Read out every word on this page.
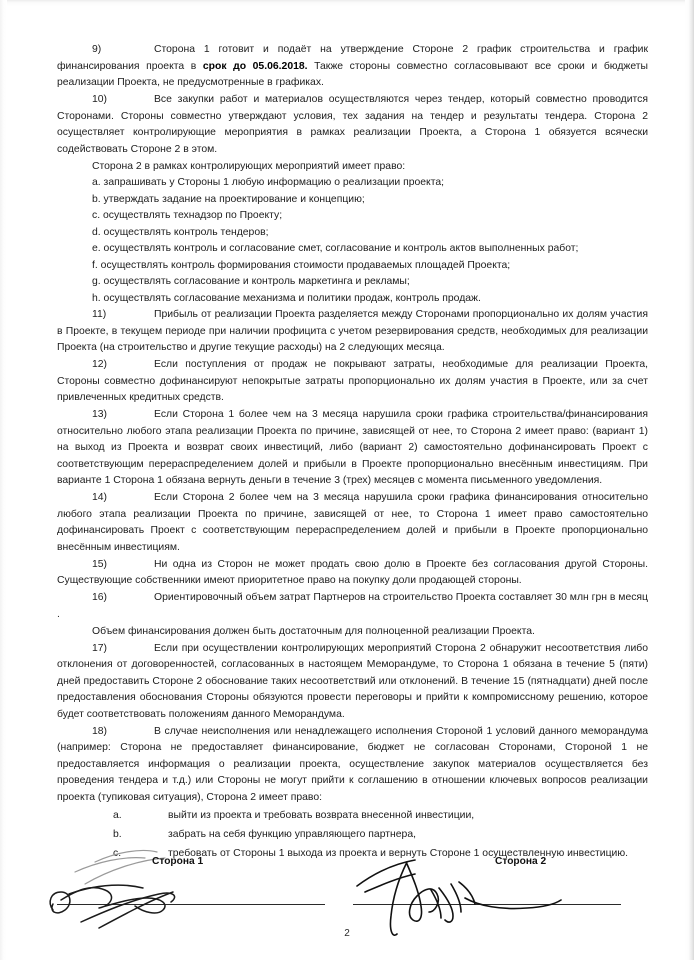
9)	Сторона 1 готовит и подаёт на утверждение Стороне 2 график строительства и график финансирования проекта в срок до 05.06.2018. Также стороны совместно согласовывают все сроки и бюджеты реализации Проекта, не предусмотренные в графиках.

10)	Все закупки работ и материалов осуществляются через тендер, который совместно проводится Сторонами. Стороны совместно утверждают условия, тех задания на тендер и результаты тендера. Сторона 2 осуществляет контролирующие мероприятия в рамках реализации Проекта, а Сторона 1 обязуется всячески содействовать Стороне 2 в этом.

Сторона 2 в рамках контролирующих мероприятий имеет право:

a. запрашивать у Стороны 1 любую информацию о реализации проекта;

b. утверждать задание на проектирование и концепцию;

c. осуществлять технадзор по Проекту;

d. осуществлять контроль тендеров;

e. осуществлять контроль и согласование смет, согласование и контроль актов выполненных работ;

f. осуществлять контроль формирования стоимости продаваемых площадей Проекта;

g. осуществлять согласование и контроль маркетинга и рекламы;

h. осуществлять согласование механизма и политики продаж, контроль продаж.

11)	Прибыль от реализации Проекта разделяется между Сторонами пропорционально их долям участия в Проекте, в текущем периоде при наличии профицита с учетом резервирования средств, необходимых для реализации Проекта (на строительство и другие текущие расходы) на 2 следующих месяца.

12)	Если поступления от продаж не покрывают затраты, необходимые для реализации Проекта, Стороны совместно дофинансируют непокрытые затраты пропорционально их долям участия в Проекте, или за счет привлеченных кредитных средств.

13)	Если Сторона 1 более чем на 3 месяца нарушила сроки графика строительства/финансирования относительно любого этапа реализации Проекта по причине, зависящей от нее, то Сторона 2 имеет право: (вариант 1) на выход из Проекта и возврат своих инвестиций, либо (вариант 2) самостоятельно дофинансировать Проект с соответствующим перераспределением долей и прибыли в Проекте пропорционально внесённым инвестициям. При варианте 1 Сторона 1 обязана вернуть деньги в течение 3 (трех) месяцев с момента письменного уведомления.

14)	Если Сторона 2 более чем на 3 месяца нарушила сроки графика финансирования относительно любого этапа реализации Проекта по причине, зависящей от нее, то Сторона 1 имеет право самостоятельно дофинансировать Проект с соответствующим перераспределением долей и прибыли в Проекте пропорционально внесённым инвестициям.

15)	Ни одна из Сторон не может продать свою долю в Проекте без согласования другой Стороны. Существующие собственники имеют приоритетное право на покупку доли продающей стороны.

16)	Ориентировочный объем затрат Партнеров на строительство Проекта составляет 30 млн грн в месяц .

Объем финансирования должен быть достаточным для полноценной реализации Проекта.

17)	Если при осуществлении контролирующих мероприятий Сторона 2 обнаружит несоответствия либо отклонения от договоренностей, согласованных в настоящем Меморандуме, то Сторона 1 обязана в течение 5 (пяти) дней предоставить Стороне 2 обоснование таких несоответствий или отклонений. В течение 15 (пятнадцати) дней после предоставления обоснования Стороны обязуются провести переговоры и прийти к компромиссному решению, которое будет соответствовать положениям данного Меморандума.

18)	В случае неисполнения или ненадлежащего исполнения Стороной 1 условий данного меморандума (например: Сторона не предоставляет финансирование, бюджет не согласован Сторонами, Стороной 1 не предоставляется информация о реализации проекта, осуществление закупок материалов осуществляется без проведения тендера и т.д.) или Стороны не могут прийти к соглашению в отношении ключевых вопросов реализации проекта (тупиковая ситуация), Сторона 2 имеет право:

a.	выйти из проекта и требовать возврата внесенной инвестиции,

b.	забрать на себя функцию управляющего партнера,

c.	требовать от Стороны 1 выхода из проекта и вернуть Стороне 1 осуществленную инвестицию.

Сторона 1	Сторона 2
2
